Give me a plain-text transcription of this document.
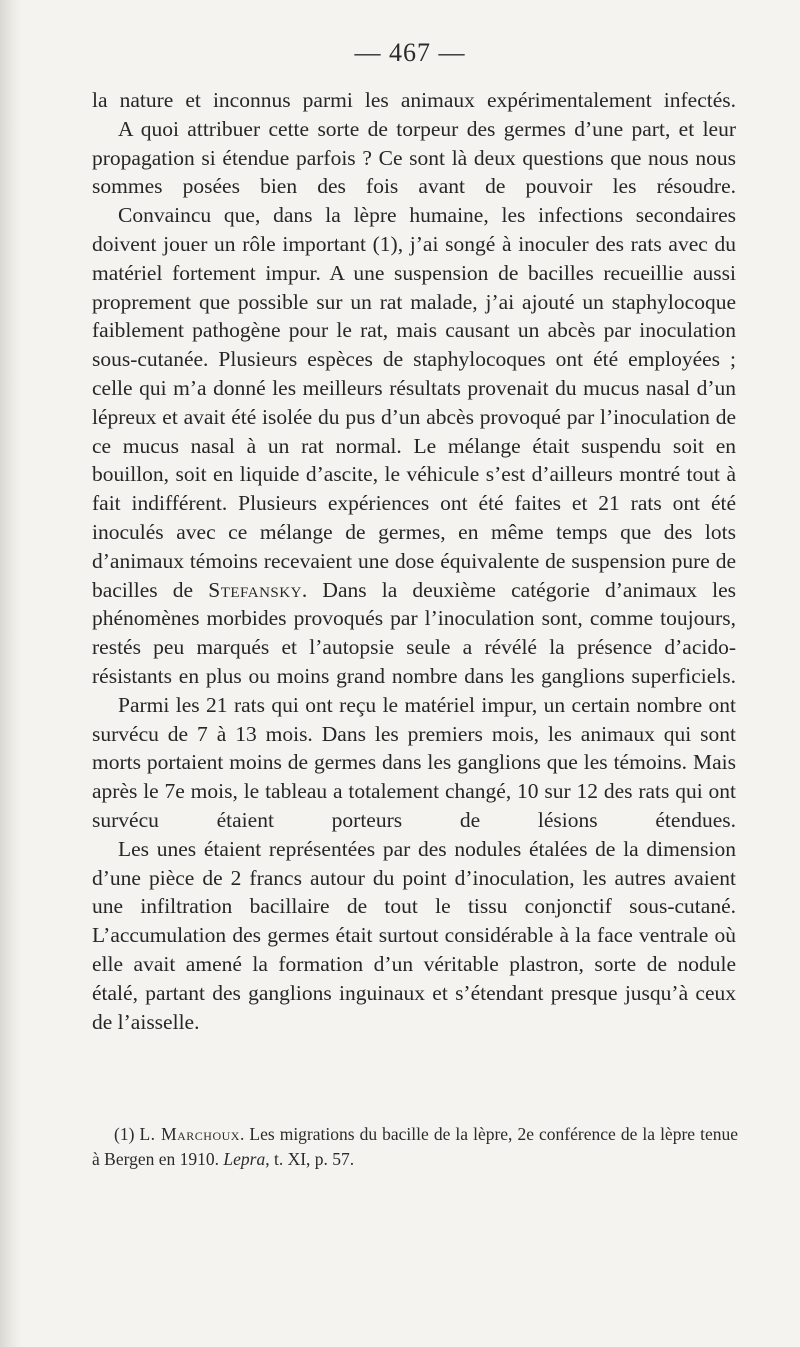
— 467 —

la nature et inconnus parmi les animaux expérimentalement infectés.

A quoi attribuer cette sorte de torpeur des germes d’une part, et leur propagation si étendue parfois ? Ce sont là deux questions que nous nous sommes posées bien des fois avant de pouvoir les résoudre.

Convaincu que, dans la lèpre humaine, les infections secondaires doivent jouer un rôle important (1), j’ai songé à inoculer des rats avec du matériel fortement impur. A une suspension de bacilles recueillie aussi proprement que possible sur un rat malade, j’ai ajouté un staphylocoque faiblement pathogène pour le rat, mais causant un abcès par inoculation sous-cutanée. Plusieurs espèces de staphylocoques ont été employées ; celle qui m’a donné les meilleurs résultats provenait du mucus nasal d’un lépreux et avait été isolée du pus d’un abcès provoqué par l’inoculation de ce mucus nasal à un rat normal. Le mélange était suspendu soit en bouillon, soit en liquide d’ascite, le véhicule s’est d’ailleurs montré tout à fait indifférent. Plusieurs expériences ont été faites et 21 rats ont été inoculés avec ce mélange de germes, en même temps que des lots d’animaux témoins recevaient une dose équivalente de suspension pure de bacilles de Stefansky. Dans la deuxième catégorie d’animaux les phénomènes morbides provoqués par l’inoculation sont, comme toujours, restés peu marqués et l’autopsie seule a révélé la présence d’acido-résistants en plus ou moins grand nombre dans les ganglions superficiels.

Parmi les 21 rats qui ont reçu le matériel impur, un certain nombre ont survécu de 7 à 13 mois. Dans les premiers mois, les animaux qui sont morts portaient moins de germes dans les ganglions que les témoins. Mais après le 7e mois, le tableau a totalement changé, 10 sur 12 des rats qui ont survécu étaient porteurs de lésions étendues.

Les unes étaient représentées par des nodules étalées de la dimension d’une pièce de 2 francs autour du point d’inoculation, les autres avaient une infiltration bacillaire de tout le tissu conjonctif sous-cutané. L’accumulation des germes était surtout considérable à la face ventrale où elle avait amené la formation d’un véritable plastron, sorte de nodule étalé, partant des ganglions inguinaux et s’étendant presque jusqu’à ceux de l’aisselle.

(1) L. Marchoux. Les migrations du bacille de la lèpre, 2e conférence de la lèpre tenue à Bergen en 1910. Lepra, t. XI, p. 57.
